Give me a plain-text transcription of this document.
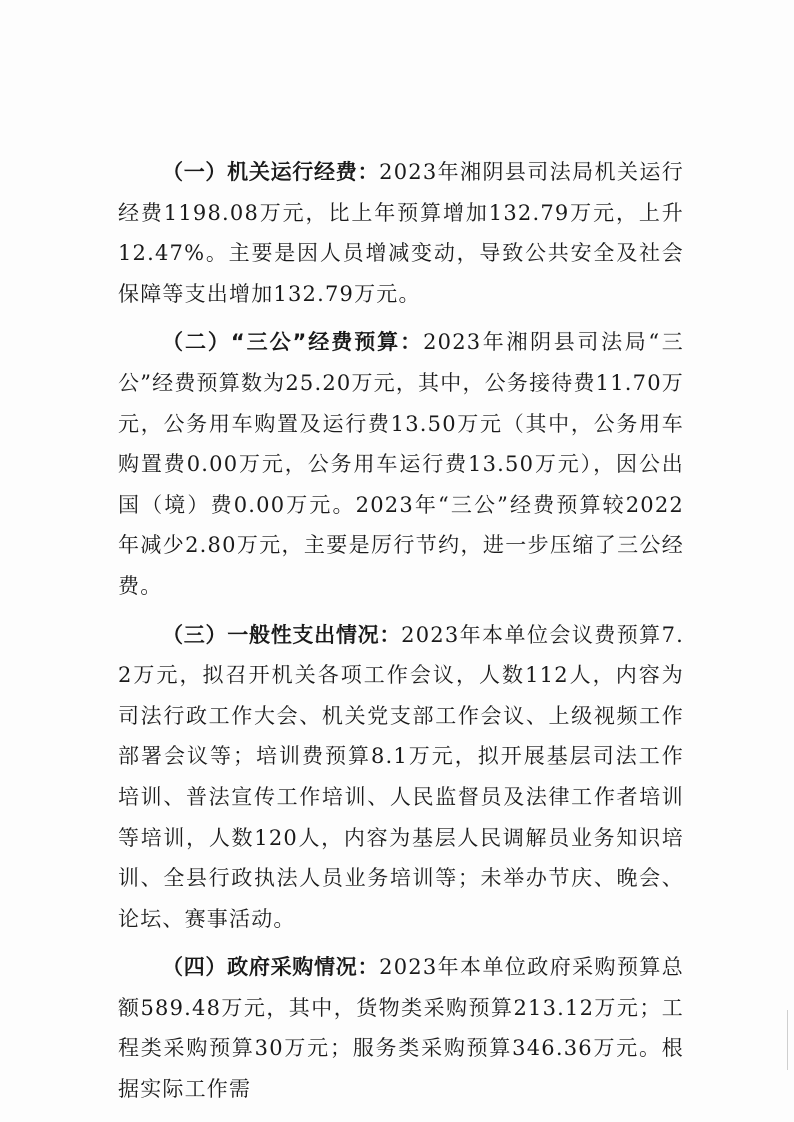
（一）机关运行经费：2023年湘阴县司法局机关运行经费1198.08万元，比上年预算增加132.79万元，上升12.47%。主要是因人员增减变动，导致公共安全及社会保障等支出增加132.79万元。

（二）“三公”经费预算：2023年湘阴县司法局“三公”经费预算数为25.20万元，其中，公务接待费11.70万元，公务用车购置及运行费13.50万元（其中，公务用车购置费0.00万元，公务用车运行费13.50万元），因公出国（境）费0.00万元。2023年“三公”经费预算较2022年减少2.80万元，主要是厉行节约，进一步压缩了三公经费。

（三）一般性支出情况：2023年本单位会议费预算7.2万元，拟召开机关各项工作会议，人数112人，内容为司法行政工作大会、机关党支部工作会议、上级视频工作部署会议等；培训费预算8.1万元，拟开展基层司法工作培训、普法宣传工作培训、人民监督员及法律工作者培训等培训，人数120人，内容为基层人民调解员业务知识培训、全县行政执法人员业务培训等；未举办节庆、晚会、论坛、赛事活动。

（四）政府采购情况：2023年本单位政府采购预算总额589.48万元，其中，货物类采购预算213.12万元；工程类采购预算30万元；服务类采购预算346.36万元。根据实际工作需
